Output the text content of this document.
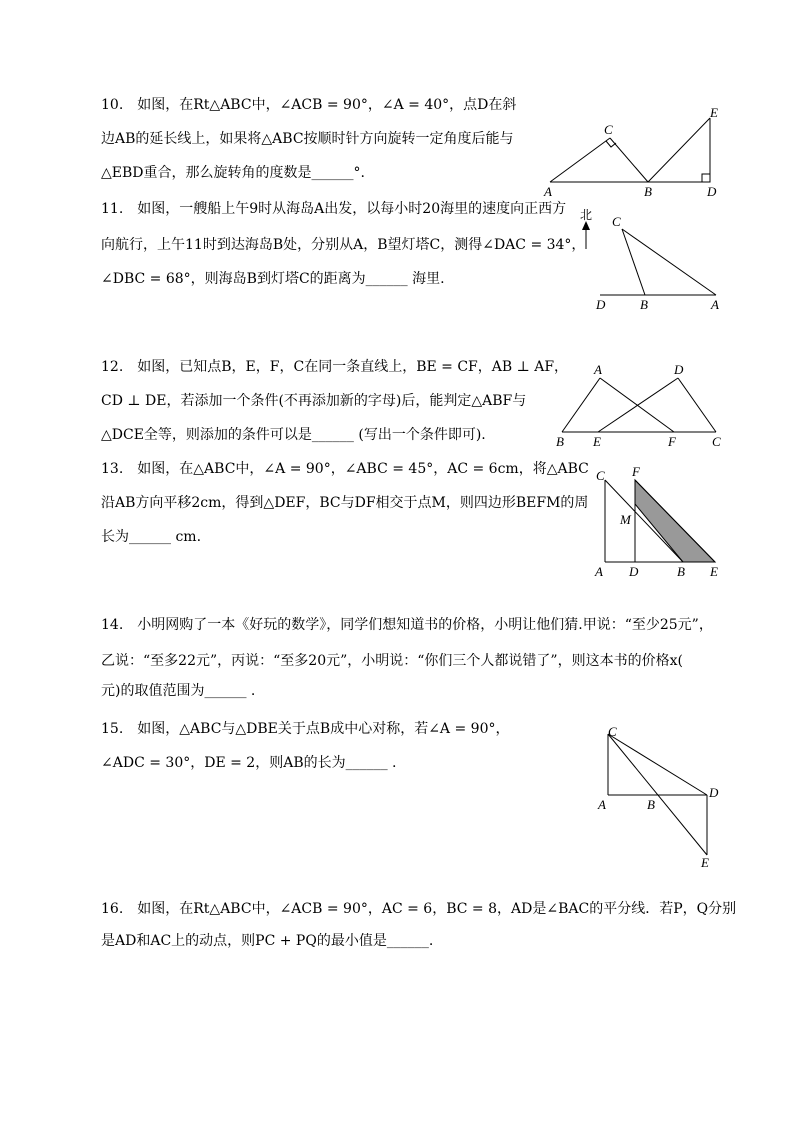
10. 如图，在Rt△ABC中，∠ACB = 90°，∠A = 40°，点D在斜
边AB的延长线上，如果将△ABC按顺时针方向旋转一定角度后能与
△EBD重合，那么旋转角的度数是______°.
C
A	B	D
E
11. 如图，一艘船上午9时从海岛A出发，以每小时20海里的速度向正西方
向航行，上午11时到达海岛B处，分别从A，B望灯塔C，测得∠DAC = 34°，
∠DBC = 68°，则海岛B到灯塔C的距离为______ 海里.
北 C
D	B	A
12. 如图，已知点B，E，F，C在同一条直线上，BE = CF，AB ⊥ AF，
CD ⊥ DE，若添加一个条件(不再添加新的字母)后，能判定△ABF与
△DCE全等，则添加的条件可以是______ (写出一个条件即可).
A	D
B E	F	C
13. 如图，在△ABC中，∠A = 90°，∠ABC = 45°，AC = 6cm，将△ABC
沿AB方向平移2cm，得到△DEF，BC与DF相交于点M，则四边形BEFM的周
长为______ cm.
C F
M
A D	B E
14. 小明网购了一本《好玩的数学》，同学们想知道书的价格，小明让他们猜.甲说：“至少25元”，
乙说：“至多22元”，丙说：“至多20元”，小明说：“你们三个人都说错了”，则这本书的价格x(
元)的取值范围为______ .
15. 如图，△ABC与△DBE关于点B成中心对称，若∠A = 90°，
∠ADC = 30°，DE = 2，则AB的长为______ .
C
A	B
D
E
16. 如图，在Rt△ABC中，∠ACB = 90°，AC = 6，BC = 8，AD是∠BAC的平分线．若P，Q分别
是AD和AC上的动点，则PC + PQ的最小值是______.
